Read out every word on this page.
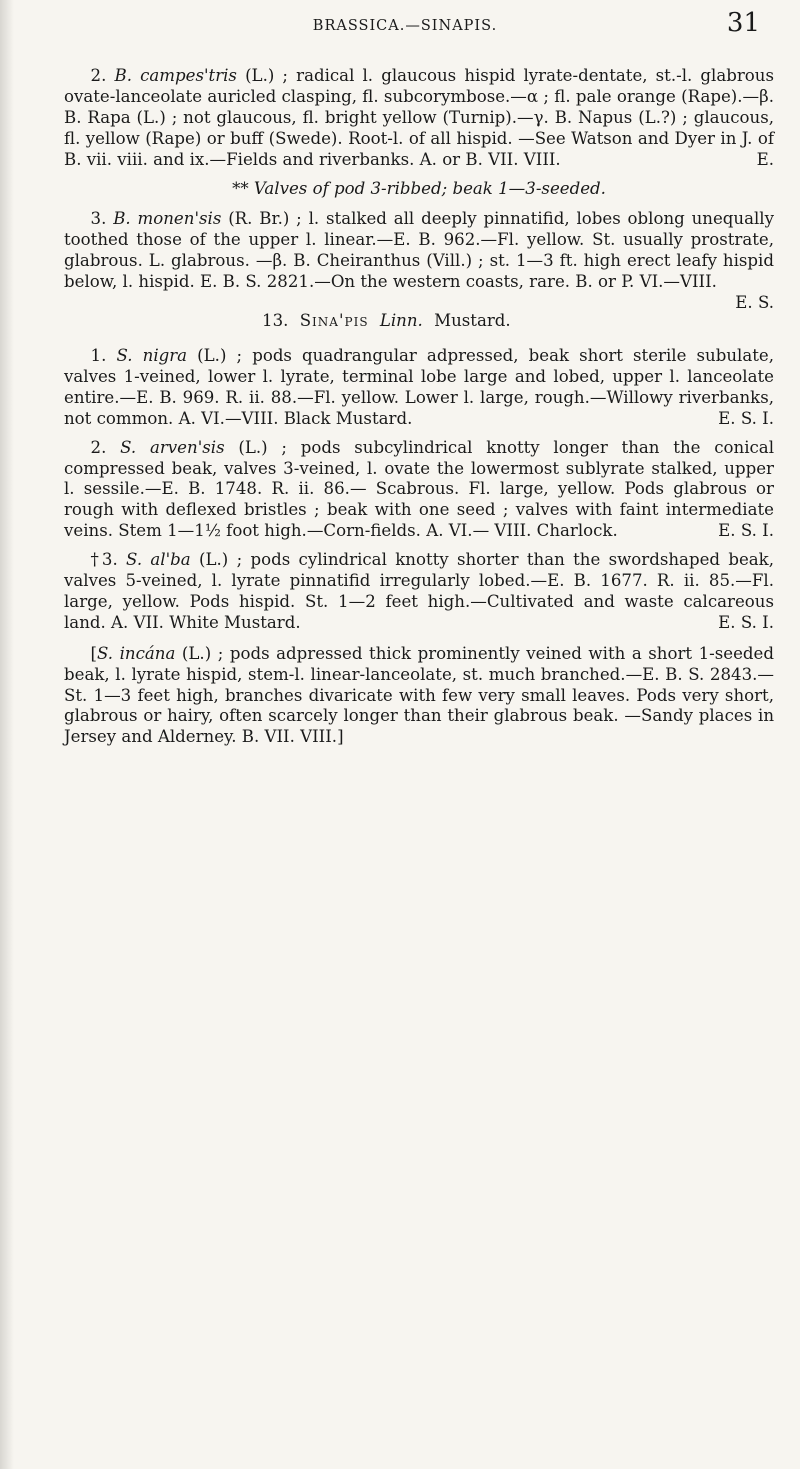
BRASSICA.—SINAPIS.	31

2. B. campes'tris (L.) ; radical l. glaucous hispid lyrate-dentate, st.-l. glabrous ovate-lanceolate auricled clasping, fl. subcorymbose.—α ; fl. pale orange (Rape).—β. B. Rapa (L.) ; not glaucous, fl. bright yellow (Turnip).—γ. B. Napus (L.?) ; glaucous, fl. yellow (Rape) or buff (Swede). Root-l. of all hispid. —See Watson and Dyer in J. of B. vii. viii. and ix.—Fields and riverbanks. A. or B. VII. VIII.	E.

** Valves of pod 3-ribbed; beak 1—3-seeded.

3. B. monen'sis (R. Br.) ; l. stalked all deeply pinnatifid, lobes oblong unequally toothed those of the upper l. linear.—E. B. 962.—Fl. yellow. St. usually prostrate, glabrous. L. glabrous. —β. B. Cheiranthus (Vill.) ; st. 1—3 ft. high erect leafy hispid below, l. hispid. E. B. S. 2821.—On the western coasts, rare. B. or P. VI.—VIII.
E. S.

13. Sina'pis Linn. Mustard.

1. S. nigra (L.) ; pods quadrangular adpressed, beak short sterile subulate, valves 1-veined, lower l. lyrate, terminal lobe large and lobed, upper l. lanceolate entire.—E. B. 969. R. ii. 88.—Fl. yellow. Lower l. large, rough.—Willowy riverbanks, not common. A. VI.—VIII. Black Mustard.	E. S. I.

2. S. arven'sis (L.) ; pods subcylindrical knotty longer than the conical compressed beak, valves 3-veined, l. ovate the lowermost sublyrate stalked, upper l. sessile.—E. B. 1748. R. ii. 86.— Scabrous. Fl. large, yellow. Pods glabrous or rough with deflexed bristles ; beak with one seed ; valves with faint intermediate veins. Stem 1—1½ foot high.—Corn-fields. A. VI.— VIII. Charlock.	E. S. I.

†3. S. al'ba (L.) ; pods cylindrical knotty shorter than the swordshaped beak, valves 5-veined, l. lyrate pinnatifid irregularly lobed.—E. B. 1677. R. ii. 85.—Fl. large, yellow. Pods hispid. St. 1—2 feet high.—Cultivated and waste calcareous land. A. VII. White Mustard.	E. S. I.

[S. incána (L.) ; pods adpressed thick prominently veined with a short 1-seeded beak, l. lyrate hispid, stem-l. linear-lanceolate, st. much branched.—E. B. S. 2843.—St. 1—3 feet high, branches divaricate with few very small leaves. Pods very short, glabrous or hairy, often scarcely longer than their glabrous beak. —Sandy places in Jersey and Alderney. B. VII. VIII.]
